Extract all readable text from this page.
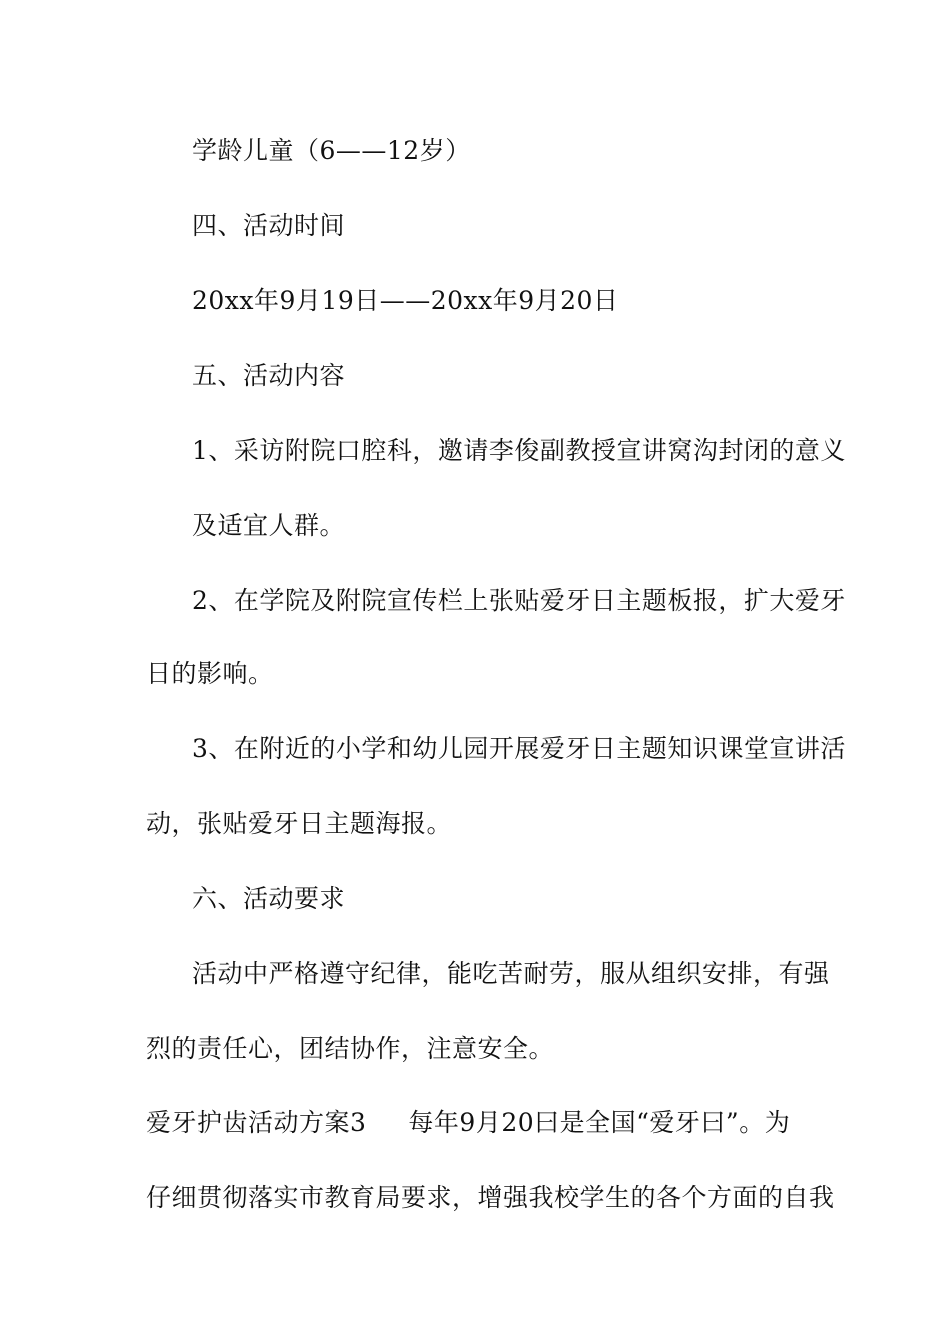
学龄儿童（6——12岁）
四、活动时间
20xx年9月19日——20xx年9月20日
五、活动内容
1、采访附院口腔科，邀请李俊副教授宣讲窝沟封闭的意义
及适宜人群。
2、在学院及附院宣传栏上张贴爱牙日主题板报，扩大爱牙
日的影响。
3、在附近的小学和幼儿园开展爱牙日主题知识课堂宣讲活
动，张贴爱牙日主题海报。
六、活动要求
活动中严格遵守纪律，能吃苦耐劳，服从组织安排，有强
烈的责任心，团结协作，注意安全。
爱牙护齿活动方案3 每年9月20曰是全国“爱牙曰”。为
仔细贯彻落实市教育局要求，增强我校学生的各个方面的自我
